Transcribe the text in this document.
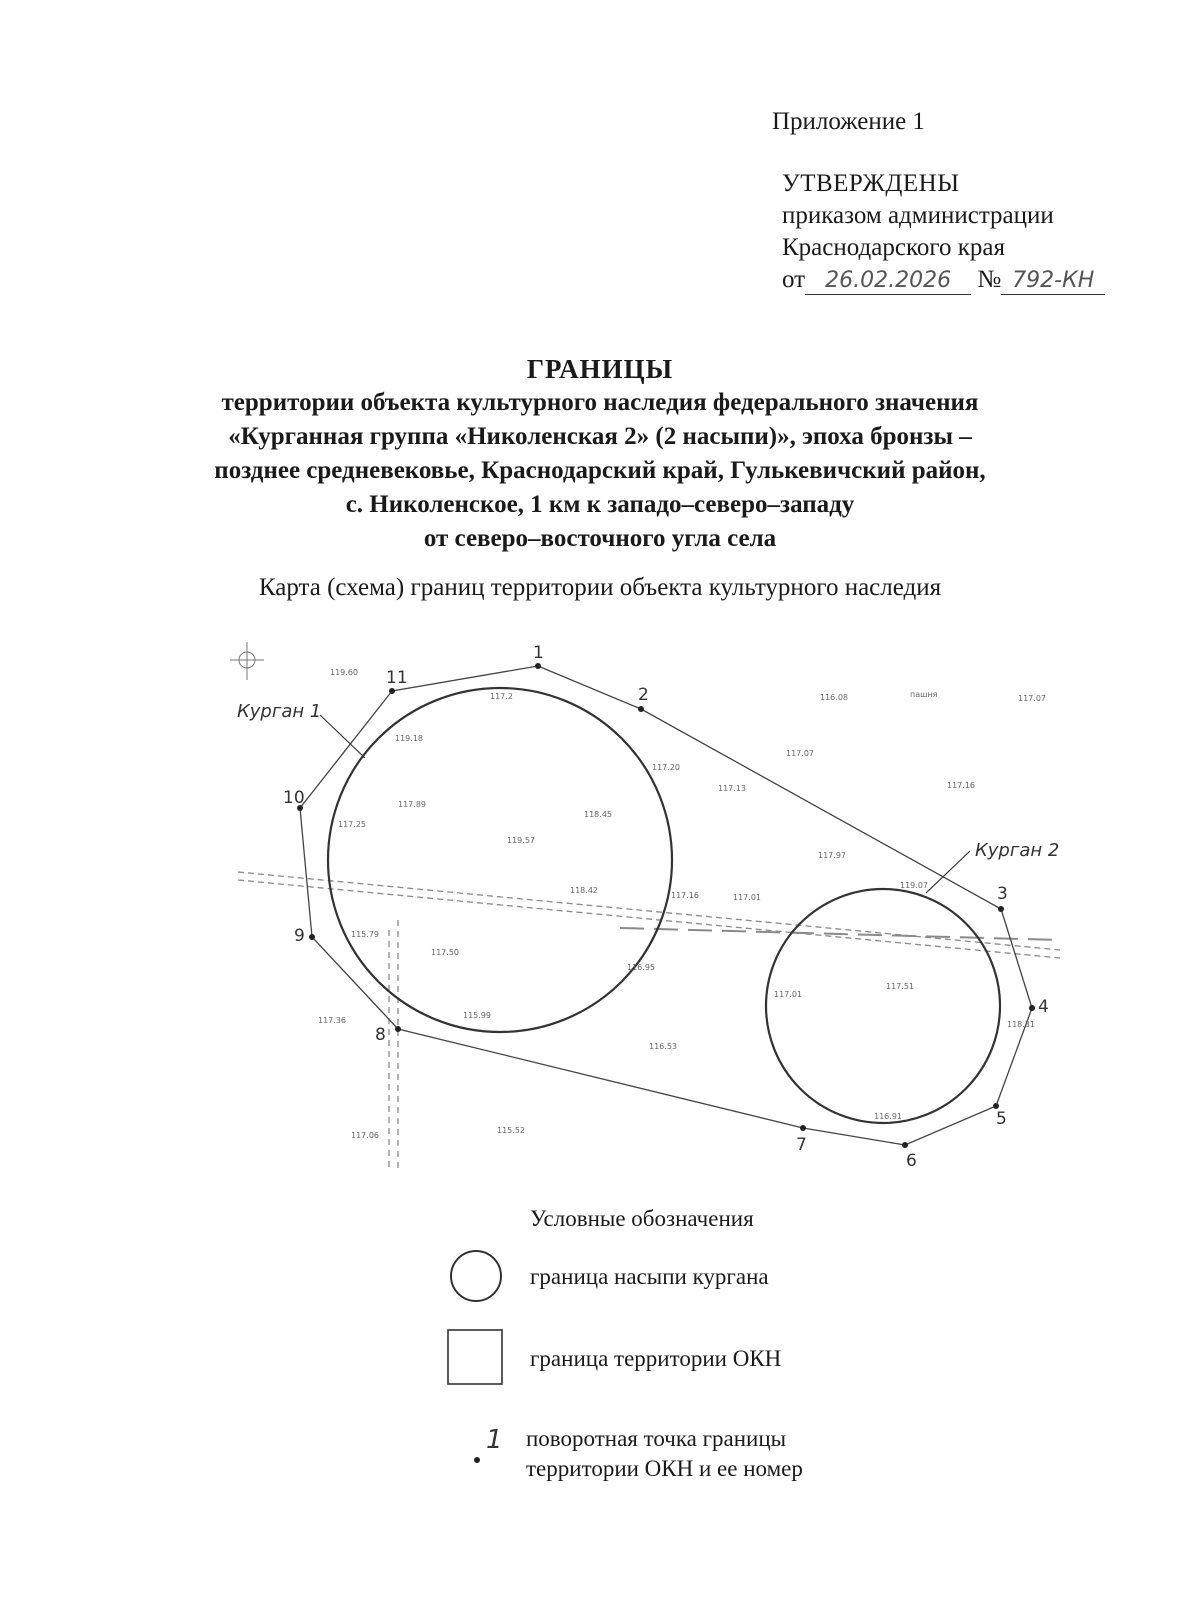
Приложение 1
УТВЕРЖДЕНЫ
приказом администрации
Краснодарского края
от 26.02.2026 № 792-КН
ГРАНИЦЫ
территории объекта культурного наследия федерального значения
«Курганная группа «Николенская 2» (2 насыпи)», эпоха бронзы –
позднее средневековье, Краснодарский край, Гулькевичский район,
с. Николенское, 1 км к западо–северо–западу
от северо–восточного угла села
Карта (схема) границ территории объекта культурного наследия
Курган 1
Курган 2
1
2
3
4
5
6
7
8
9
10
11
119.60
117.2
119.18
117.20
117.25
117.89
119.57
118.45
117.13
117.07
118.42
117.16	117.01
117.97
119.07
115.79
117.50
116.95
117.01
117.51
118.31
117.36
115.99
116.53
116.91
117.06
115.52
116.08	пашня	117.07
117.16
1
Условные обозначения
граница насыпи кургана
граница территории ОКН
поворотная точка границы
территории ОКН и ее номер
